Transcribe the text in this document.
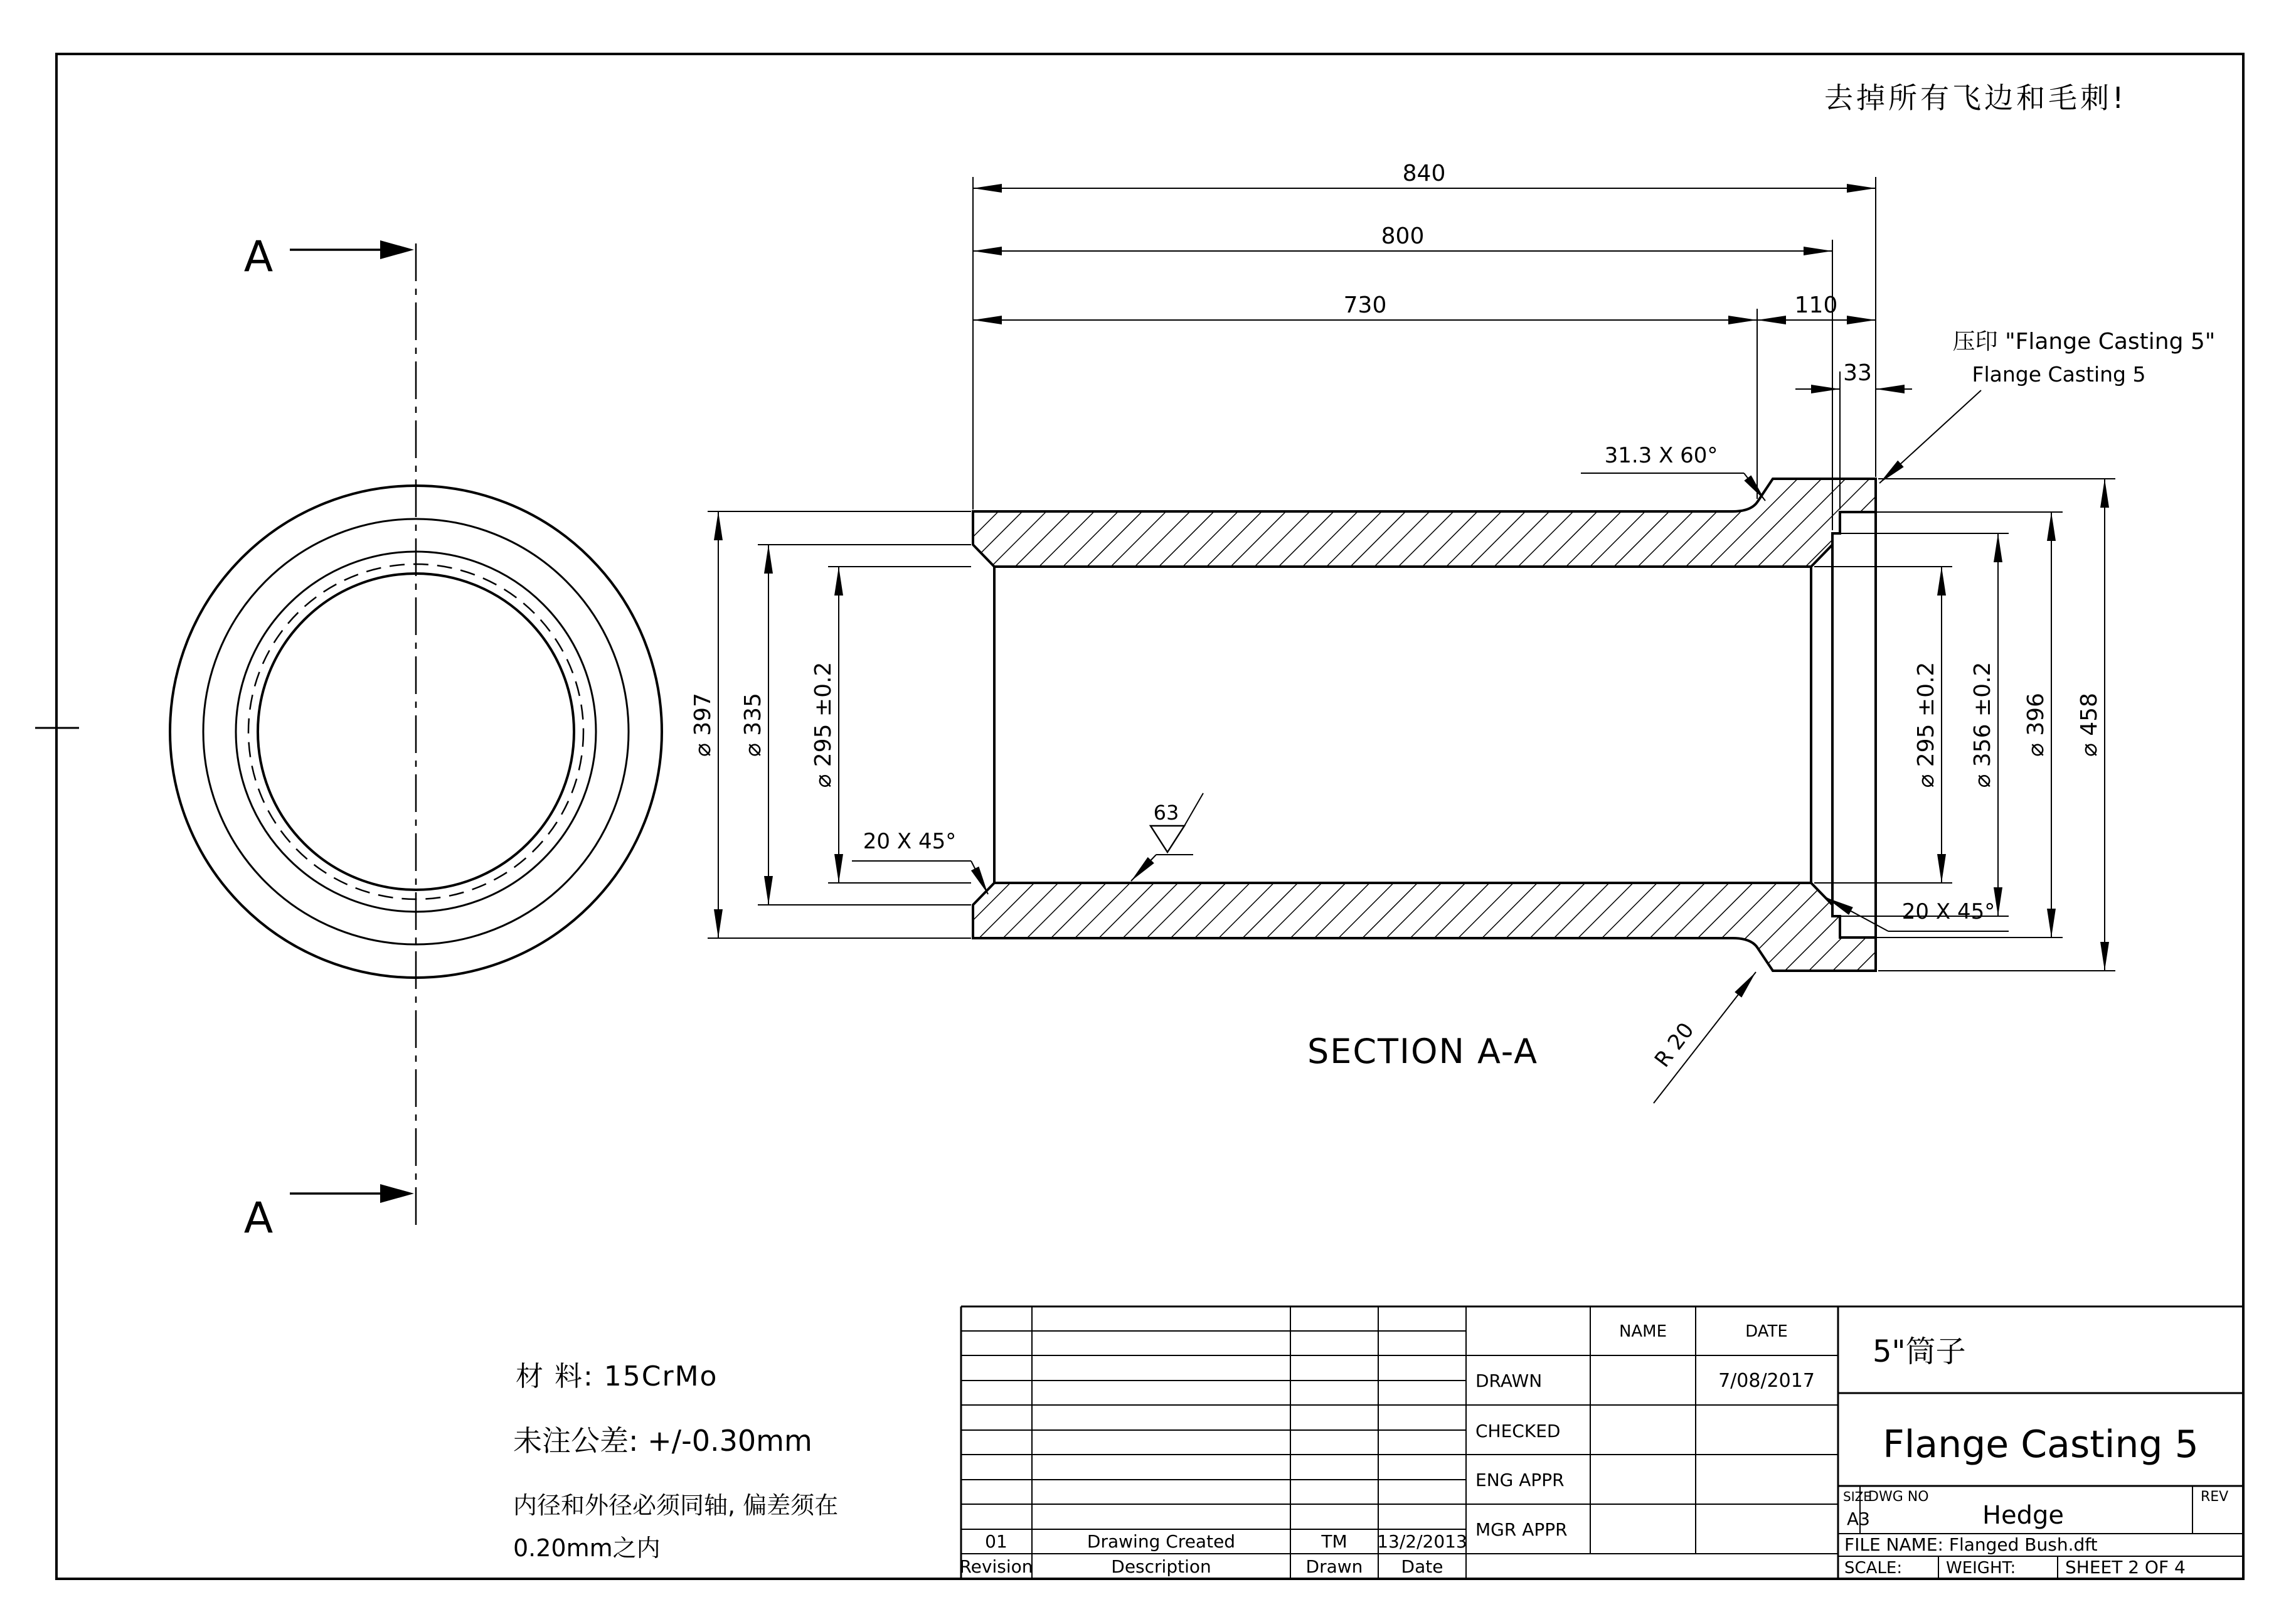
去掉所有飞边和毛刺!
A
A
840
800
730	110
33
⌀ 397 ⌀ 335 ⌀ 295 ±0.2	⌀ 295 ±0.2 ⌀ 356 ±0.2 ⌀ 396 ⌀ 458
31.3 X 60°
压印 "Flange Casting 5"
Flange Casting 5
20 X 45°
20 X 45°
R 20
63
SECTION A-A
材 料: 15CrMo
未注公差: +/-0.30mm
内径和外径必须同轴, 偏差须在
0.20mm之内
NAME	DATE
DRAWN	7/08/2017
CHECKED
ENG APPR
MGR APPR
5"筒子
Flange Casting 5
SIZE
A3
DWG NO
Hedge
REV
FILE NAME: Flanged Bush.dft
SCALE:	WEIGHT:	SHEET 2 OF 4
01	Drawing Created	TM 13/2/2013
Revision	Description	Drawn Date
